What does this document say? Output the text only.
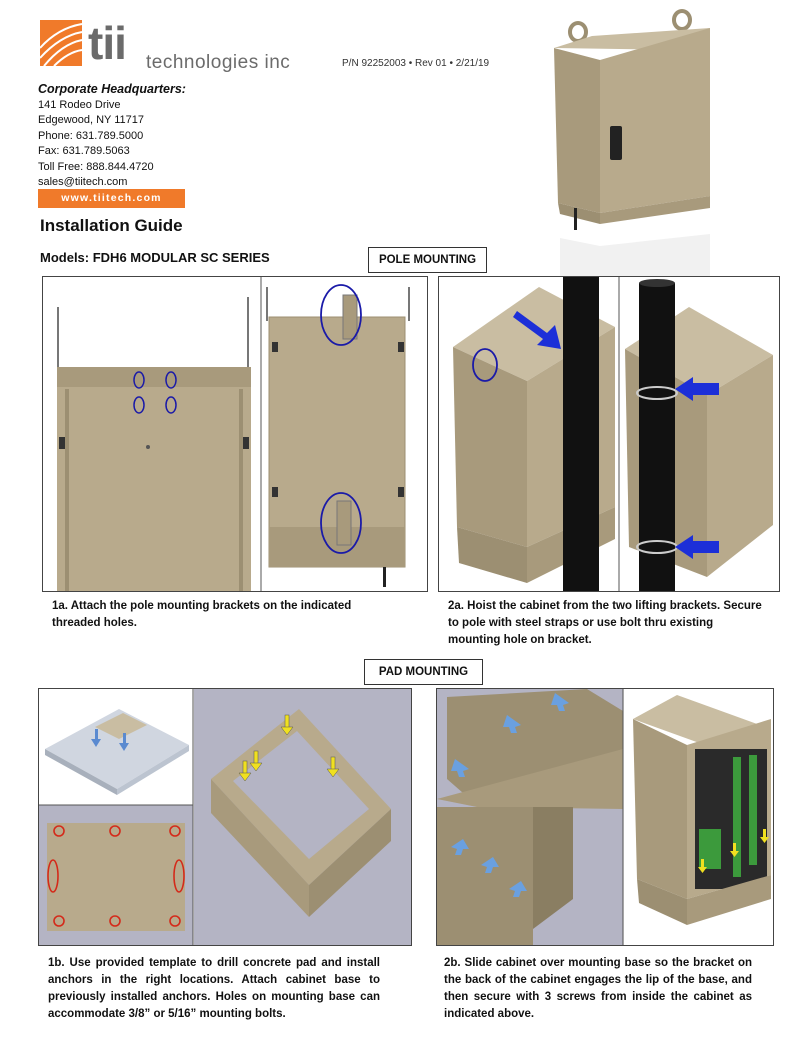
tii technologies inc	P/N 92252003 • Rev 01 • 2/21/19
Corporate Headquarters:
141 Rodeo Drive
Edgewood, NY 11717
Phone: 631.789.5000
Fax: 631.789.5063
Toll Free: 888.844.4720
sales@tiitech.com
www.tiitech.com
Installation Guide
Models: FDH6 MODULAR SC SERIES	POLE MOUNTING
1a. Attach the pole mounting brackets on the indicated threaded holes.
2a. Hoist the cabinet from the two lifting brackets. Secure to pole with steel straps or use bolt thru existing mounting hole on bracket.
PAD MOUNTING
1b. Use provided template to drill concrete pad and install anchors in the right locations. Attach cabinet base to previously installed anchors. Holes on mounting base can accommodate 3/8” or 5/16” mounting bolts.
2b. Slide cabinet over mounting base so the bracket on the back of the cabinet engages the lip of the base, and then secure with 3 screws from inside the cabinet as indicated above.
